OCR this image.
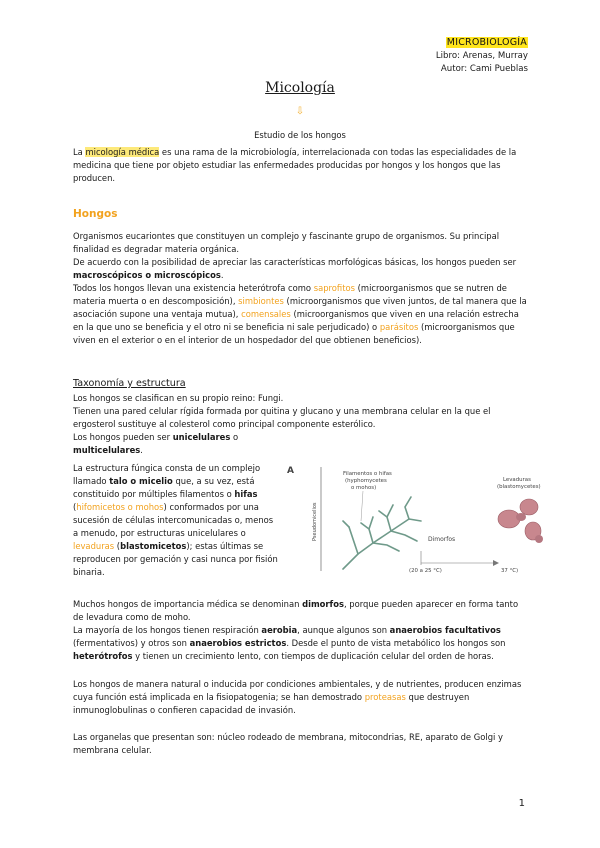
MICROBIOLOGÍA
Libro: Arenas, Murray
Autor: Cami Pueblas
Micología
⇩
Estudio de los hongos

La micología médica es una rama de la microbiología, interrelacionada con todas las especialidades de la medicina que tiene por objeto estudiar las enfermedades producidas por hongos y los hongos que las producen.

Hongos

Organismos eucariontes que constituyen un complejo y fascinante grupo de organismos. Su principal finalidad es degradar materia orgánica.

De acuerdo con la posibilidad de apreciar las características morfológicas básicas, los hongos pueden ser macroscópicos o microscópicos.

Todos los hongos llevan una existencia heterótrofa como saprofitos (microorganismos que se nutren de materia muerta o en descomposición), simbiontes (microorganismos que viven juntos, de tal manera que la asociación supone una ventaja mutua), comensales (microorganismos que viven en una relación estrecha en la que uno se beneficia y el otro ni se beneficia ni sale perjudicado) o parásitos (microorganismos que viven en el exterior o en el interior de un hospedador del que obtienen beneficios).

Taxonomía y estructura

Los hongos se clasifican en su propio reino: Fungi.

Tienen una pared celular rígida formada por quitina y glucano y una membrana celular en la que el ergosterol sustituye al colesterol como principal componente esterólico.

Los hongos pueden ser unicelulares o

multicelulares.

La estructura fúngica consta de un complejo llamado talo o micelio que, a su vez, está constituido por múltiples filamentos o hifas (hifomicetos o mohos) conformados por una sucesión de células intercomunicadas o, menos a menudo, por estructuras unicelulares o levaduras (blastomicetos); estas últimas se reproducen por gemación y casi nunca por fisión binaria.

A
Pseudomicelios
Filamentos o hifas
(hyphomycetes
o mohos)
Levaduras
(blastomycetes)
Dimorfos
(20 a 25 °C)	37 °C)

Muchos hongos de importancia médica se denominan dimorfos, porque pueden aparecer en forma tanto de levadura como de moho.

La mayoría de los hongos tienen respiración aerobia, aunque algunos son anaerobios facultativos (fermentativos) y otros son anaerobios estrictos. Desde el punto de vista metabólico los hongos son heterótrofos y tienen un crecimiento lento, con tiempos de duplicación celular del orden de horas.

Los hongos de manera natural o inducida por condiciones ambientales, y de nutrientes, producen enzimas cuya función está implicada en la fisiopatogenia; se han demostrado proteasas que destruyen inmunoglobulinas o confieren capacidad de invasión.

Las organelas que presentan son: núcleo rodeado de membrana, mitocondrias, RE, aparato de Golgi y membrana celular.

1
